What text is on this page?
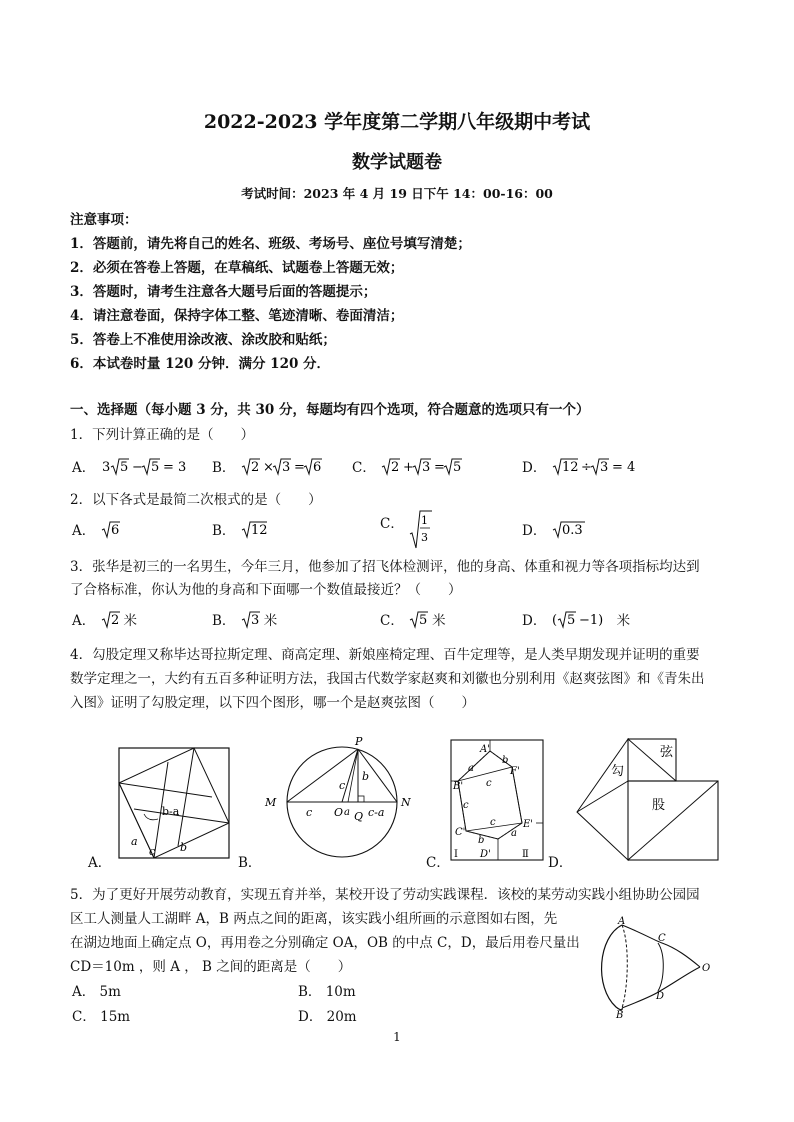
2022-2023 学年度第二学期八年级期中考试
数学试题卷
考试时间：2023 年 4 月 19 日下午 14：00-16：00
注意事项：
1．答题前，请先将自己的姓名、班级、考场号、座位号填写清楚；
2．必须在答卷上答题，在草稿纸、试题卷上答题无效；
3．答题时，请考生注意各大题号后面的答题提示；
4．请注意卷面，保持字体工整、笔迹清晰、卷面清洁；
5．答卷上不准使用涂改液、涂改胶和贴纸；
6．本试卷时量 120 分钟．满分 120 分．
一、选择题（每小题 3 分，共 30 分，每题均有四个选项，符合题意的选项只有一个）
1．下列计算正确的是（　　）
A． 3 5 − 5 = 3 B． 2 × 3 = 6 C． 2 + 3 = 5	D． 12 ÷ 3 = 4
2．以下各式是最简二次根式的是（　　）
A． 6	B． 12	C． 1
3	D． 0.3
3．张华是初三的一名男生，今年三月，他参加了招飞体检测评，他的身高、体重和视力等各项指标均达到
了合格标准，你认为他的身高和下面哪一个数值最接近？（　　）
A． 2 米	B． 3 米	C． 5 米	D． ( 5 −1) 米
4．勾股定理又称毕达哥拉斯定理、商高定理、新娘座椅定理、百牛定理等，是人类早期发现并证明的重要
数学定理之一，大约有五百多种证明方法，我国古代数学家赵爽和刘徽也分别利用《赵爽弦图》和《青朱出
入图》证明了勾股定理，以下四个图形，哪一个是赵爽弦图（　　）
b-a
a
c b
A．
P
M	N
O Q
a
b
c
c	c-a
B．
A'
B'
F'
E'
C'
D'
a
b
c
c
c
a
b
Ⅰ	Ⅱ
C．
弦
勾
股
D．
5．为了更好开展劳动教育，实现五育并举，某校开设了劳动实践课程．该校的某劳动实践小组协助公园园
区工人测量人工湖畔 A，B 两点之间的距离，该实践小组所画的示意图如右图，先
在湖边地面上确定点 O，再用卷之分别确定 OA，OB 的中点 C，D，最后用卷尺量出
CD＝10m ，则 A ， B 之间的距离是（　　）
A． 5m	B． 10m
C． 15m	D． 20m
A
C
O
D
B
1
